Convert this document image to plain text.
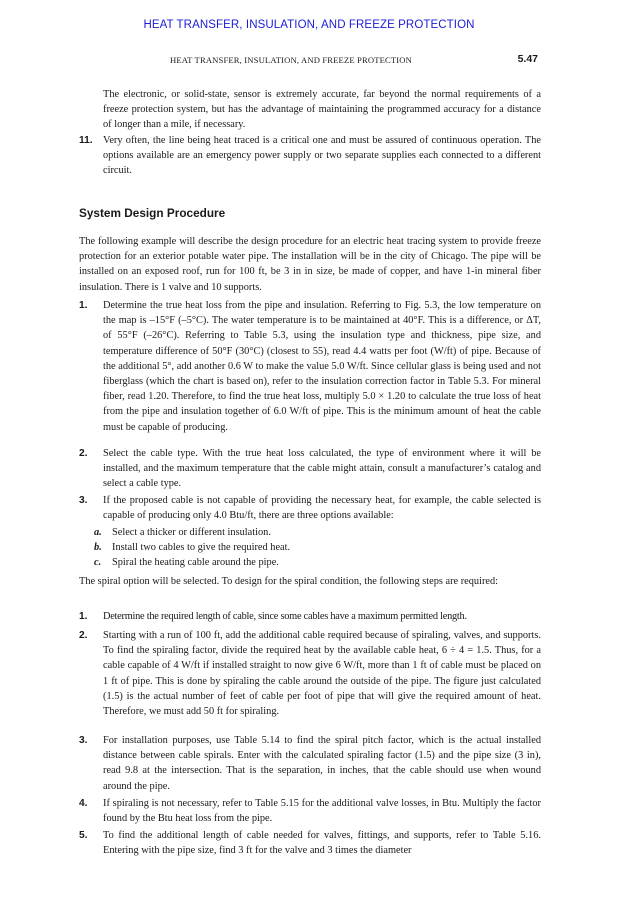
HEAT TRANSFER, INSULATION, AND FREEZE PROTECTION
HEAT TRANSFER, INSULATION, AND FREEZE PROTECTION	5.47
The electronic, or solid-state, sensor is extremely accurate, far beyond the normal requirements of a freeze protection system, but has the advantage of maintaining the programmed accuracy for a distance of longer than a mile, if necessary.
11. Very often, the line being heat traced is a critical one and must be assured of continuous operation. The options available are an emergency power supply or two separate supplies each connected to a different circuit.
System Design Procedure
The following example will describe the design procedure for an electric heat tracing system to provide freeze protection for an exterior potable water pipe. The installation will be in the city of Chicago. The pipe will be installed on an exposed roof, run for 100 ft, be 3 in in size, be made of copper, and have 1-in mineral fiber insulation. There is 1 valve and 10 supports.
1. Determine the true heat loss from the pipe and insulation. Referring to Fig. 5.3, the low temperature on the map is –15°F (–5°C). The water temperature is to be maintained at 40°F. This is a difference, or ΔT, of 55°F (–26°C). Referring to Table 5.3, using the insulation type and thickness, pipe size, and temperature difference of 50°F (30°C) (closest to 55), read 4.4 watts per foot (W/ft) of pipe. Because of the additional 5°, add another 0.6 W to make the value 5.0 W/ft. Since cellular glass is being used and not fiberglass (which the chart is based on), refer to the insulation correction factor in Table 5.3. For mineral fiber, read 1.20. Therefore, to find the true heat loss, multiply 5.0 × 1.20 to calculate the true loss of heat from the pipe and insulation together of 6.0 W/ft of pipe. This is the minimum amount of heat the cable must be capable of producing.
2. Select the cable type. With the true heat loss calculated, the type of environment where it will be installed, and the maximum temperature that the cable might attain, consult a manufacturer’s catalog and select a cable type.
3. If the proposed cable is not capable of providing the necessary heat, for example, the cable selected is capable of producing only 4.0 Btu/ft, there are three options available:
a. Select a thicker or different insulation.
b. Install two cables to give the required heat.
c. Spiral the heating cable around the pipe.
The spiral option will be selected. To design for the spiral condition, the following steps are required:
1. Determine the required length of cable, since some cables have a maximum permitted length.
2. Starting with a run of 100 ft, add the additional cable required because of spiraling, valves, and supports. To find the spiraling factor, divide the required heat by the available cable heat, 6 ÷ 4 = 1.5. Thus, for a cable capable of 4 W/ft if installed straight to now give 6 W/ft, more than 1 ft of cable must be placed on 1 ft of pipe. This is done by spiraling the cable around the outside of the pipe. The figure just calculated (1.5) is the actual number of feet of cable per foot of pipe that will give the required amount of heat. Therefore, we must add 50 ft for spiraling.
3. For installation purposes, use Table 5.14 to find the spiral pitch factor, which is the actual installed distance between cable spirals. Enter with the calculated spiraling factor (1.5) and the pipe size (3 in), read 9.8 at the intersection. That is the separation, in inches, that the cable should use when wound around the pipe.
4. If spiraling is not necessary, refer to Table 5.15 for the additional valve losses, in Btu. Multiply the factor found by the Btu heat loss from the pipe.
5. To find the additional length of cable needed for valves, fittings, and supports, refer to Table 5.16. Entering with the pipe size, find 3 ft for the valve and 3 times the diameter
